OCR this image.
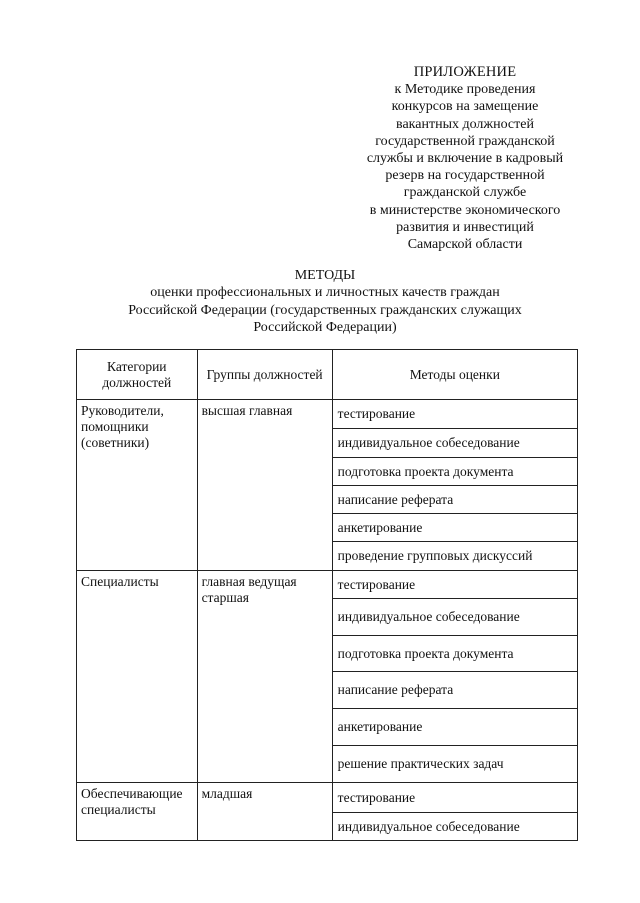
ПРИЛОЖЕНИЕ
к Методике проведения
конкурсов на замещение
вакантных должностей
государственной гражданской
службы и включение в кадровый
резерв на государственной
гражданской службе
в министерстве экономического
развития и инвестиций
Самарской области
МЕТОДЫ
оценки профессиональных и личностных качеств граждан
Российской Федерации (государственных гражданских служащих
Российской Федерации)
Категории должностей	Группы должностей	Методы оценки
Руководители, помощники (советники)	высшая главная	тестирование
		индивидуальное собеседование
		подготовка проекта документа
		написание реферата
		анкетирование
		проведение групповых дискуссий
Специалисты	главная ведущая старшая	тестирование
		индивидуальное собеседование
		подготовка проекта документа
		написание реферата
		анкетирование
		решение практических задач
Обеспечивающие специалисты	младшая	тестирование
		индивидуальное собеседование
